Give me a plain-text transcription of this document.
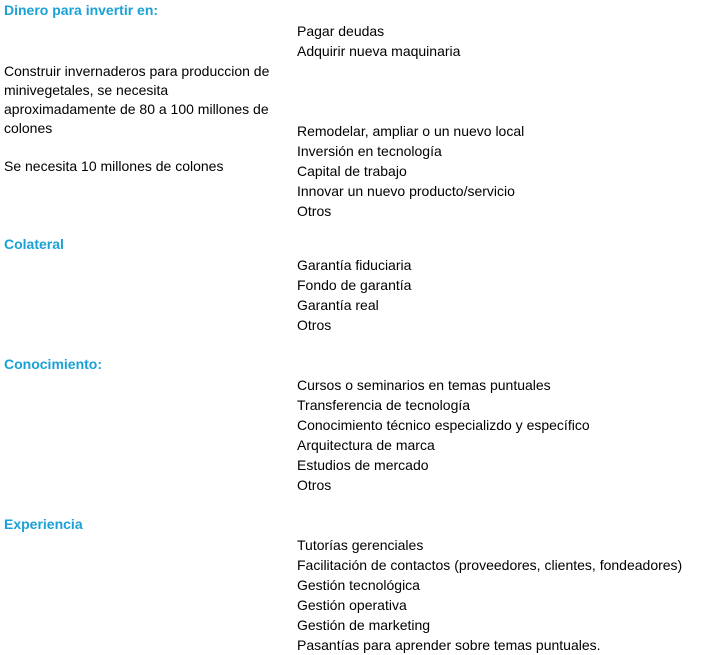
Dinero para invertir en:
Pagar deudas
Adquirir nueva maquinaria
Remodelar, ampliar o un nuevo local
Inversión en tecnología
Capital de trabajo
Innovar un nuevo producto/servicio
Otros
Construir invernaderos para produccion de
minivegetales, se necesita
aproximadamente de 80 a 100 millones de
colones
Se necesita 10 millones de colones
Colateral
Garantía fiduciaria
Fondo de garantía
Garantía real
Otros
Conocimiento:
Cursos o seminarios en temas puntuales
Transferencia de tecnología
Conocimiento técnico especializdo y específico
Arquitectura de marca
Estudios de mercado
Otros
Experiencia
Tutorías gerenciales
Facilitación de contactos (proveedores, clientes, fondeadores)
Gestión tecnológica
Gestión operativa
Gestión de marketing
Pasantías para aprender sobre temas puntuales.
